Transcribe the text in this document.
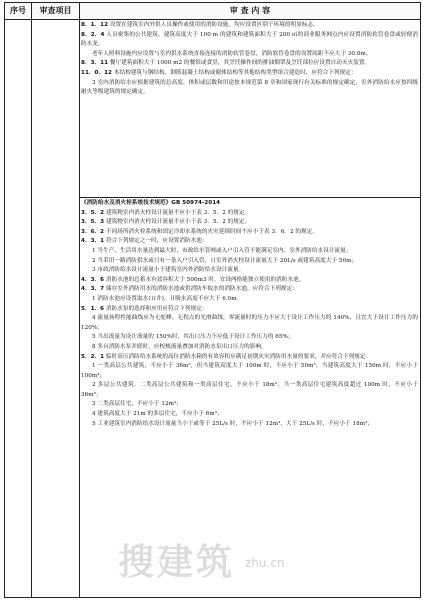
序号	审查项目	审 查 内 容

8．1．12 设置在建筑室内外供人员操作或使用的消防设施，均应设置区别于环境的明显标志。

8．2．4 人员密集的公共建筑、建筑高度大于 100 m 的建筑和建筑面积大于 200 ㎡的商业服务网点内应设置消防软管卷盘或轻便消防水龙。

老年人照料设施内应设置与室内供水系统直接连接的消防软管卷盘，消防软管卷盘的设置间距不应大于 30.0m。

8．3．11 餐厅建筑面积大于 1000 m2 的餐馆或食堂，其烹饪操作间的排油烟罩及烹饪部位应设置自动灭火装置。

11．0．12 木结构建筑与钢结构、钢筋混凝土结构或砌体结构等其他结构类型组合建造时，应符合下列规定：

3 室内消防给水应根据建筑的总高度、体积或层数和用途按本规范第 8 章和国家现行有关标准的规定确定，室外消防给水应按四级耐火等级建筑的规定确定。

《消防给水及消火栓系统技术规范》GB 50974-2014

3．5．2 建筑物室内消火栓设计流量不应小于表 3．5．2 的规定。

3．5．3 建筑物室内消火栓设计流量不应小于表 3．5．2 的规定。

3．6．2 不同场所消火栓系统和固定冷却水系统的火灾延续时间不应小于表 3．6．2 的规定。

4．3．1 符合下列规定之一时，应设置消防水池：

1 当生产、生活用水量达到最大时，市政给水管网或入户引入管不能满足室内、室外消防给水设计流量；

2 当采用一路消防供水或只有一条入户引入管，且室外消火栓设计流量大于 20L/s 或建筑高度大于 50m；

3 市政消防给水设计流量小于建筑室内外消防给水设计流量。

4．3．6 消防水池的总蓄水有效容积大于 500m3 时，宜设两格能独立使用的消防水池。

4．3．7 储存室外消防用水的消防水池或供消防车取水的消防水池，应符合下列规定：

1 消防水池应设置取水口(井)，且吸水高度不应大于 6.0m。

5．1．6 消防水泵的选择和应用应符合下列规定：

4 流量扬程性能曲线应为无驼峰、无拐点的光滑曲线，零流量时的压力不应大于设计工作压力的 140%，且宜大于设计工作压力的 120%；

5 当出流量为设计流量的 150%时，其出口压力不应低于设计工作压力的 65%；

8 多台消防水泵并联时，应校核流量叠加对消防水泵出口压力的影响。

5．2．1 临时高压消防给水系统的高位消防水箱的有效容积应满足初期火灾消防用水量的要求，并应符合下列规定：

1 一类高层公共建筑，不应小于 36m³，但当建筑高度大于 100m 时，不应小于 50m³，当建筑高度大于 150m 时，不应小于 100m³；

2 多层公共建筑、二类高层公共建筑和一类高层住宅，不应小于 18m³，当一类高层住宅建筑高度超过 100m 时，不应小于 36m³；

3 二类高层住宅，不应小于 12m³；

4 建筑高度大于 21m 的多层住宅，不应小于 6m³；

5 工业建筑室内消防给水设计流量当小于或等于 25L/s 时，不应小于 12m³，大于 25L/s 时，不应小于 18m³；

搜建筑 zhu.cn
